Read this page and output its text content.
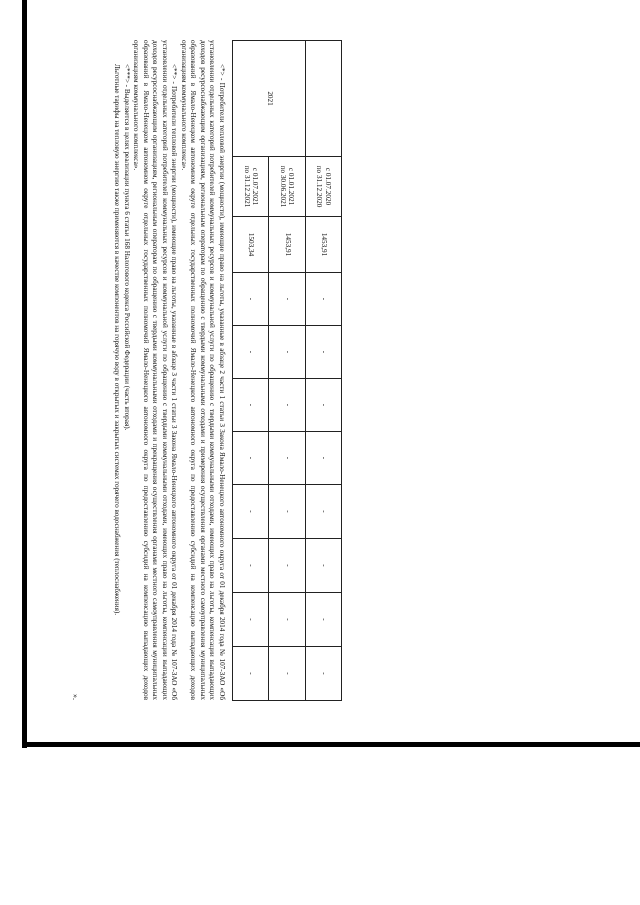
	с 01.07.2020
по 31.12.2020	1453,91	-	-	-	-	-	-	-	-
2021	с 01.01.2021
по 30.06.2021	1453,91	-	-	-	-	-	-	-	-

	с 01.07.2021
по 31.12.2021	1503,34	-	-	-	-	-	-	-	-

<*> - Потребители тепловой энергии (мощности), имеющие право на льготы, указанные в абзаце 2 части 1 статьи 3 Закона Ямало-Ненецкого автономного округа от 01 декабря 2014 года № 107-ЗАО «Об установлении отдельных категорий потребителей коммунальных ресурсов и коммунальной услуги по обращению с твердыми коммунальными отходами, имеющих право на льготы, компенсации выпадающих доходов ресурсоснабжающим организациям, региональным операторам по обращению с твердыми коммунальными отходами и примерения осуществления органами местного самоуправления муниципальных образований в Ямало-Ненецком автономном округе отдельных государственных полномочий Ямало-Ненецкого автономного округа по предоставлению субсидий на компенсацию выпадающих доходов организациям коммунального комплекса».

<**> - Потребители тепловой энергии (мощности), имеющие право на льготы, указанные в абзаце 3 части 1 статьи 3 Закона Ямало-Ненецкого автономного округа от 01 декабря 2014 года № 107-ЗАО «Об установлении отдельных категорий потребителей коммунальных ресурсов и коммунальной услуги по обращению с твердыми коммунальными отходами, имеющих право на льготы, компенсации выпадающих доходов ресурсоснабжающим организациям, региональным операторам по обращению с твердыми коммунальными отходами и прекращения осуществления органами местного самоуправления муниципальных образований в Ямало-Ненецком автономном округе отдельных государственных полномочий Ямало-Ненецкого автономного округа по предоставлению субсидий на компенсацию выпадающих доходов организациям коммунального комплекса».

<***> - Выделяется в целях реализации пункта 6 статьи 168 Налогового кодекса Российской Федерации (часть вторая).

Льготные тарифы на тепловую энергию также применяются в качестве компонентов на горячую воду в открытых и закрытых системах горячего водоснабжения (теплоснабжения).

».
